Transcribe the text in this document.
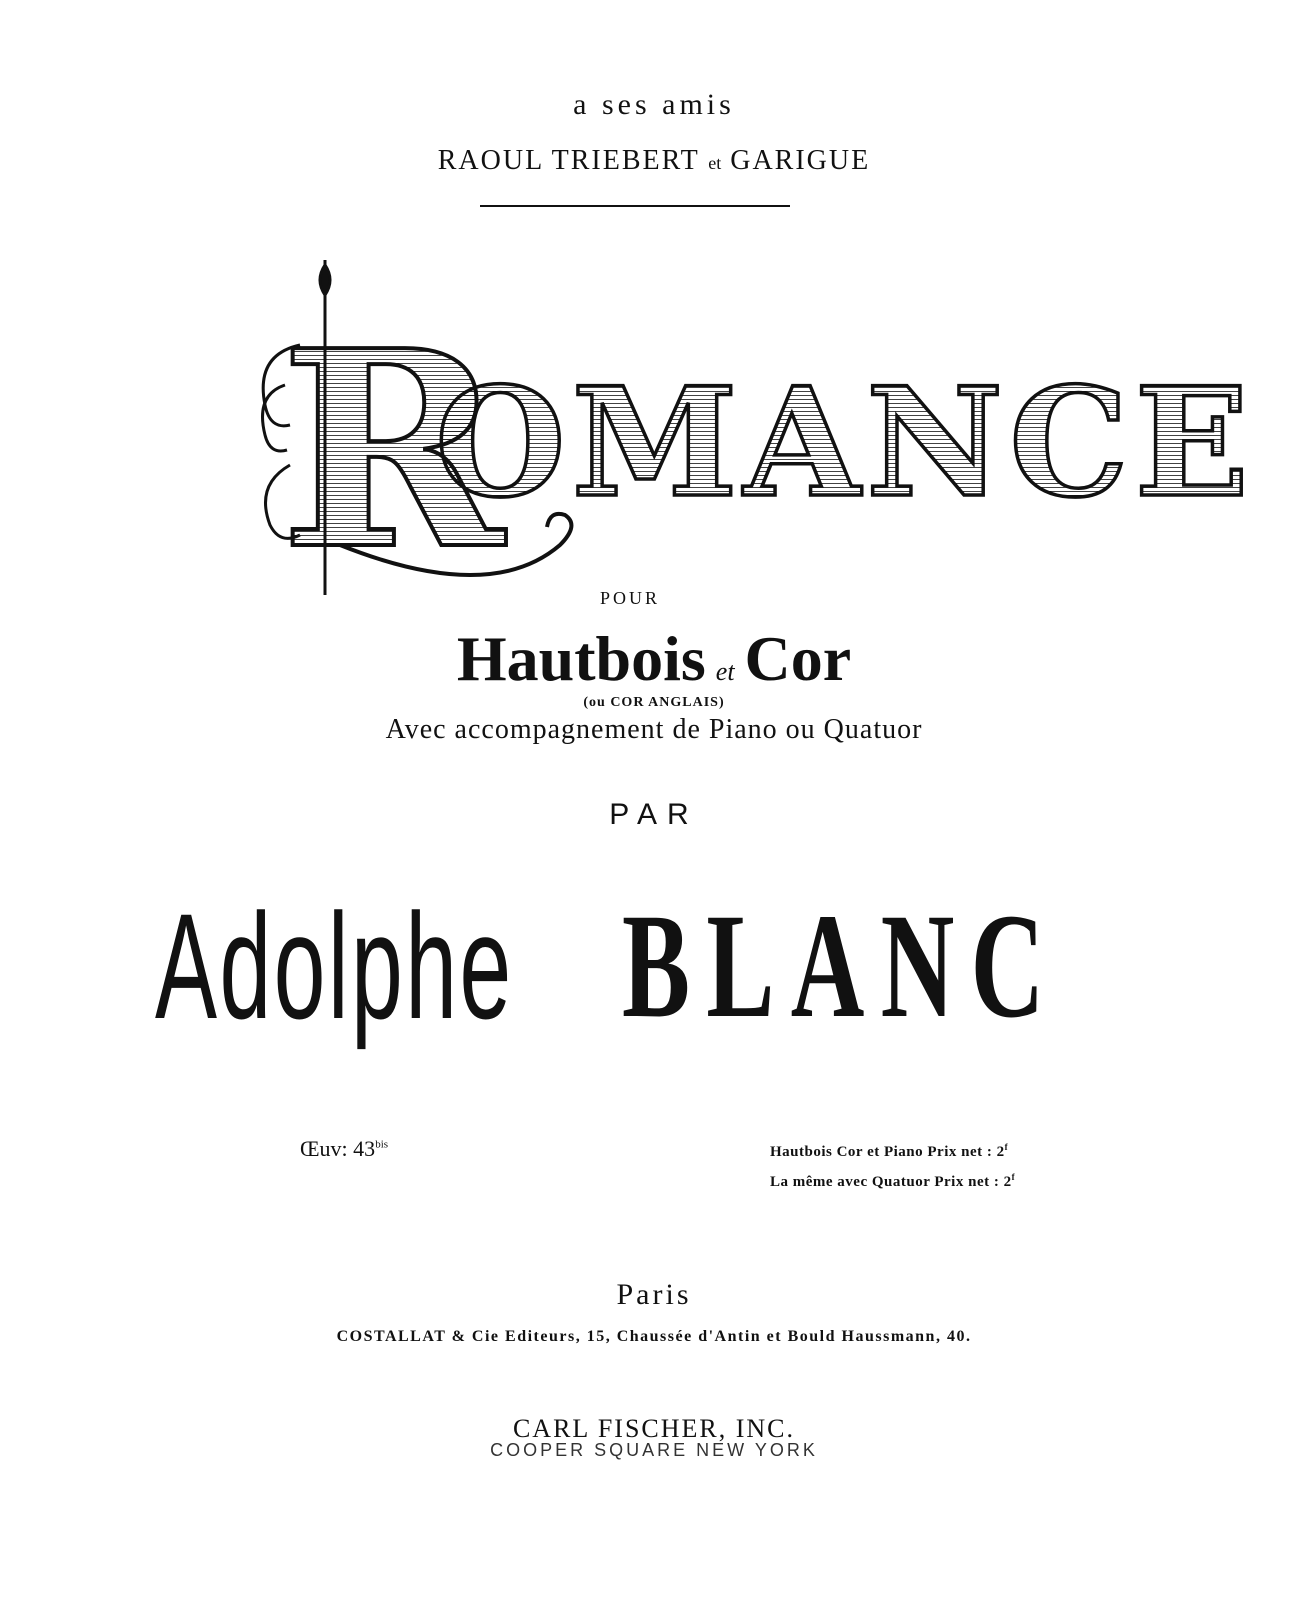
a ses amis
RAOUL TRIEBERT et GARIGUE
R
OMANCE
POUR
Hautbois et Cor
(ou COR ANGLAIS)
Avec accompagnement de Piano ou Quatuor
PAR
Adolphe BLANC
Œuv: $43^{bis}$	Hautbois Cor et Piano Prix net : 2$^f$
La même avec Quatuor Prix net : 2$^f$
Paris
COSTALLAT & Cie Editeurs, 15, Chaussée d'Antin et Bould Haussmann, 40.
CARL FISCHER, INC.
COOPER SQUARE NEW YORK
